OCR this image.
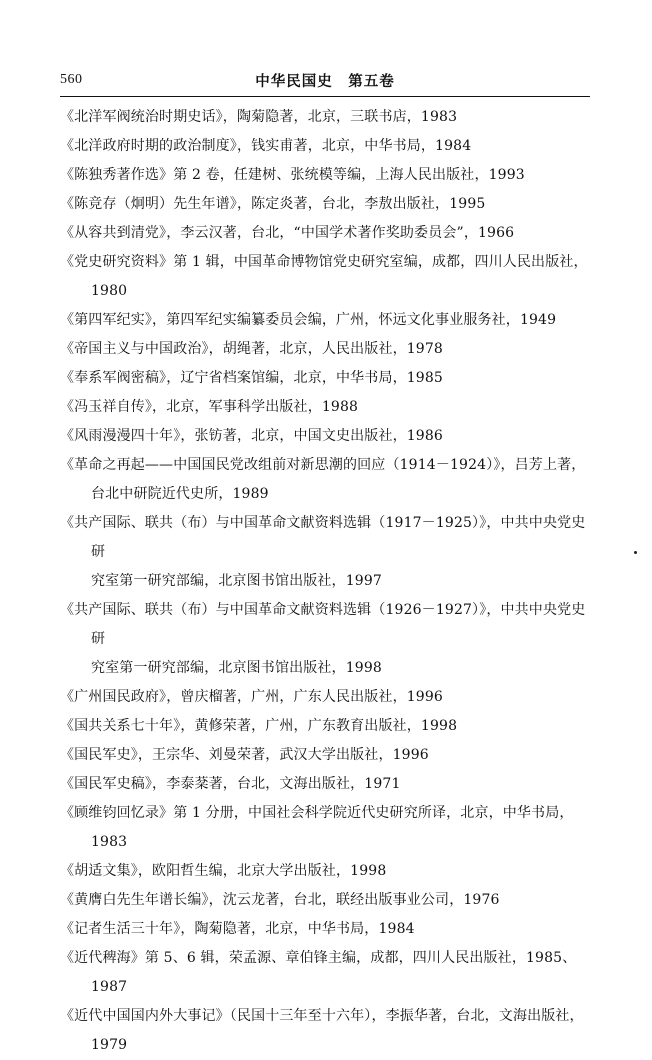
560	中华民国史　第五卷
《北洋军阀统治时期史话》，陶菊隐著，北京，三联书店，1983
《北洋政府时期的政治制度》，钱实甫著，北京，中华书局，1984
《陈独秀著作选》第 2 卷，任建树、张统模等编，上海人民出版社，1993
《陈竞存（炯明）先生年谱》，陈定炎著，台北，李敖出版社，1995
《从容共到清党》，李云汉著，台北，“中国学术著作奖助委员会”，1966
《党史研究资料》第 1 辑，中国革命博物馆党史研究室编，成都，四川人民出版社，
1980
《第四军纪实》，第四军纪实编纂委员会编，广州，怀远文化事业服务社，1949
《帝国主义与中国政治》，胡绳著，北京，人民出版社，1978
《奉系军阀密稿》，辽宁省档案馆编，北京，中华书局，1985
《冯玉祥自传》，北京，军事科学出版社，1988
《风雨漫漫四十年》，张钫著，北京，中国文史出版社，1986
《革命之再起——中国国民党改组前对新思潮的回应（1914－1924）》，吕芳上著，
台北中研院近代史所，1989
《共产国际、联共（布）与中国革命文献资料选辑（1917－1925）》，中共中央党史研
究室第一研究部编，北京图书馆出版社，1997
《共产国际、联共（布）与中国革命文献资料选辑（1926－1927）》，中共中央党史研
究室第一研究部编，北京图书馆出版社，1998
《广州国民政府》，曾庆榴著，广州，广东人民出版社，1996
《国共关系七十年》，黄修荣著，广州，广东教育出版社，1998
《国民军史》，王宗华、刘曼荣著，武汉大学出版社，1996
《国民军史稿》，李泰棻著，台北，文海出版社，1971
《顾维钧回忆录》第 1 分册，中国社会科学院近代史研究所译，北京，中华书局，
1983
《胡适文集》，欧阳哲生编，北京大学出版社，1998
《黄膺白先生年谱长编》，沈云龙著，台北，联经出版事业公司，1976
《记者生活三十年》，陶菊隐著，北京，中华书局，1984
《近代稗海》第 5、6 辑，荣孟源、章伯锋主编，成都，四川人民出版社，1985、1987
《近代中国国内外大事记》（民国十三年至十六年），李振华著，台北，文海出版社，
1979
